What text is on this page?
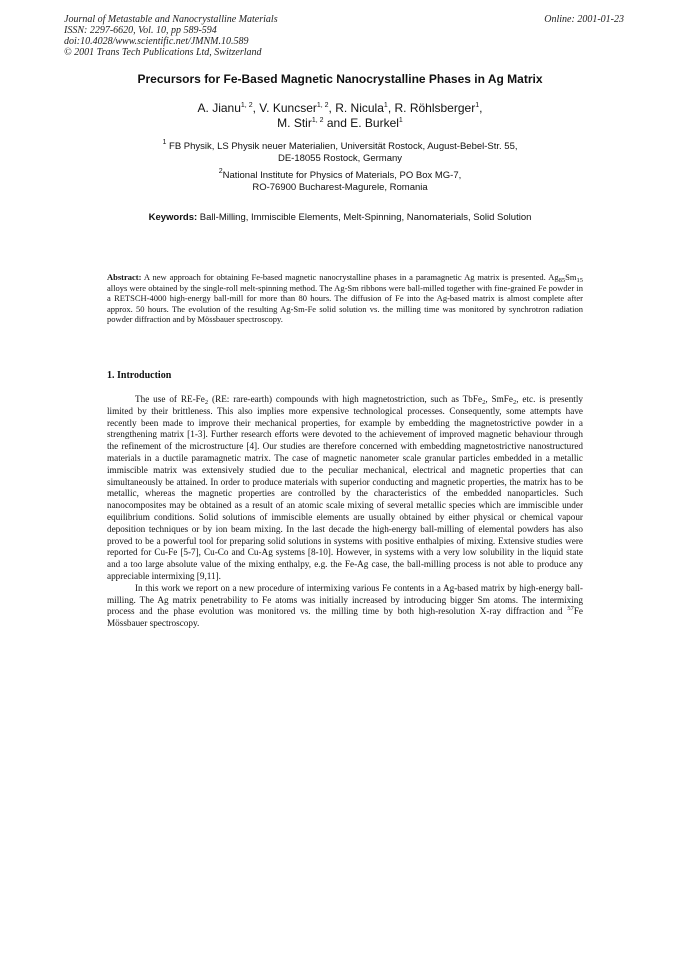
Journal of Metastable and Nanocrystalline Materials
ISSN: 2297-6620, Vol. 10, pp 589-594
doi:10.4028/www.scientific.net/JMNM.10.589
© 2001 Trans Tech Publications Ltd, Switzerland
Online: 2001-01-23
Precursors for Fe-Based Magnetic Nanocrystalline Phases in Ag Matrix
A. Jianu$^{1, 2}$, V. Kuncser$^{1, 2}$, R. Nicula$^1$, R. Röhlsberger$^1$,
M. Stir$^{1, 2}$ and E. Burkel$^1$
$^1$ FB Physik, LS Physik neuer Materialien, Universität Rostock, August-Bebel-Str. 55,
DE-18055 Rostock, Germany
$^2$National Institute for Physics of Materials, PO Box MG-7,
RO-76900 Bucharest-Magurele, Romania
Keywords: Ball-Milling, Immiscible Elements, Melt-Spinning, Nanomaterials, Solid Solution
Abstract: A new approach for obtaining Fe-based magnetic nanocrystalline phases in a paramagnetic Ag matrix is presented. $Ag_{85}Sm_{15}$ alloys were obtained by the single-roll melt-spinning method. The Ag-Sm ribbons were ball-milled together with fine-grained Fe powder in a RETSCH-4000 high-energy ball-mill for more than 80 hours. The diffusion of Fe into the Ag-based matrix is almost complete after approx. 50 hours. The evolution of the resulting Ag-Sm-Fe solid solution vs. the milling time was monitored by synchrotron radiation powder diffraction and by Mössbauer spectroscopy.
1. Introduction

The use of $RE-Fe_2$ (RE: rare-earth) compounds with high magnetostriction, such as TbFe$_2$, SmFe$_2$, etc. is presently limited by their brittleness. This also implies more expensive technological processes. Consequently, some attempts have recently been made to improve their mechanical properties, for example by embedding the magnetostrictive powder in a strengthening matrix [1-3]. Further research efforts were devoted to the achievement of improved magnetic behaviour through the refinement of the microstructure [4]. Our studies are therefore concerned with embedding magnetostrictive nanostructured materials in a ductile paramagnetic matrix. The case of magnetic nanometer scale granular particles embedded in a metallic immiscible matrix was extensively studied due to the peculiar mechanical, electrical and magnetic properties that can simultaneously be attained. In order to produce materials with superior conducting and magnetic properties, the matrix has to be metallic, whereas the magnetic properties are controlled by the characteristics of the embedded nanoparticles. Such nanocomposites may be obtained as a result of an atomic scale mixing of several metallic species which are immiscible under equilibrium conditions. Solid solutions of immiscible elements are usually obtained by either physical or chemical vapour deposition techniques or by ion beam mixing. In the last decade the high-energy ball-milling of elemental powders has also proved to be a powerful tool for preparing solid solutions in systems with positive enthalpies of mixing. Extensive studies were reported for Cu-Fe [5-7], Cu-Co and Cu-Ag systems [8-10]. However, in systems with a very low solubility in the liquid state and a too large absolute value of the mixing enthalpy, e.g. the Fe-Ag case, the ball-milling process is not able to produce any appreciable intermixing [9,11].

In this work we report on a new procedure of intermixing various Fe contents in a Ag-based matrix by high-energy ball-milling. The Ag matrix penetrability to Fe atoms was initially increased by introducing bigger Sm atoms. The intermixing process and the phase evolution was monitored vs. the milling time by both high-resolution X-ray diffraction and $^{57}$Fe Mössbauer spectroscopy.
